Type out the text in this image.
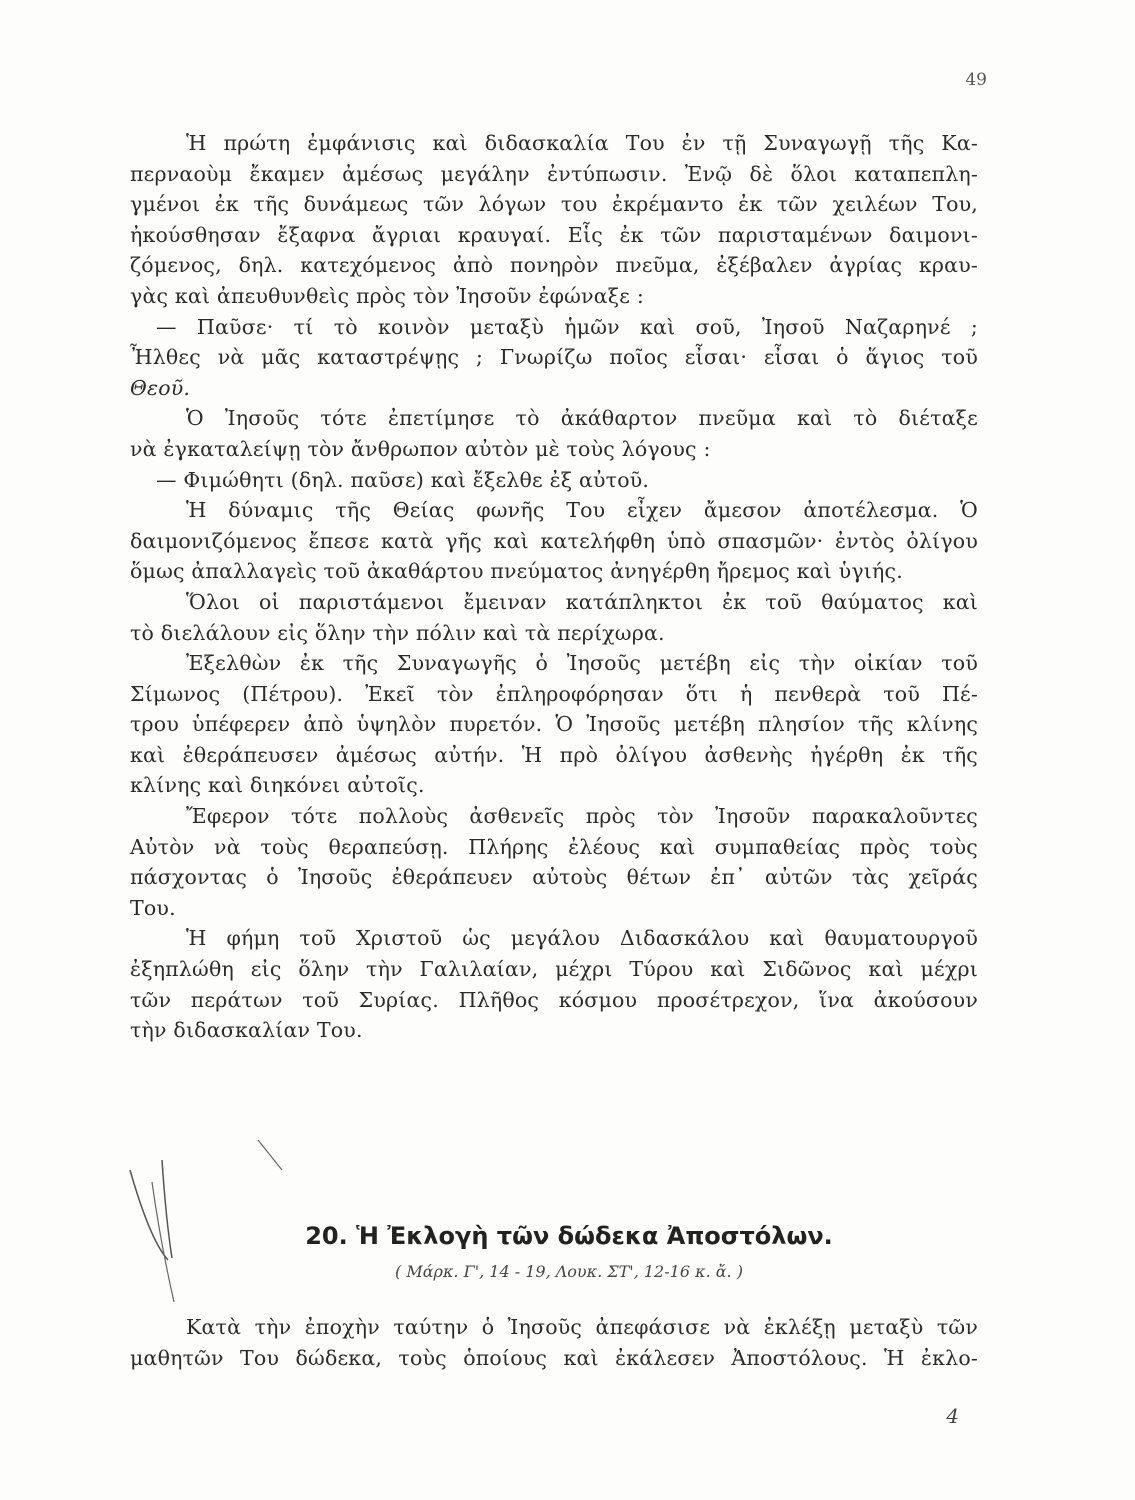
49
Ἡ πρώτη ἐμφάνισις καὶ διδασκαλία Του ἐν τῇ Συναγωγῇ τῆς Κα-
περναοὺμ ἔκαμεν ἀμέσως μεγάλην ἐντύπωσιν. Ἐνῷ δὲ ὅλοι καταπεπλη-
γμένοι ἐκ τῆς δυνάμεως τῶν λόγων του ἐκρέμαντο ἐκ τῶν χειλέων Του,
ἠκούσθησαν ἔξαφνα ἄγριαι κραυγαί. Εἷς ἐκ τῶν παρισταμένων δαιμονι-
ζόμενος, δηλ. κατεχόμενος ἀπὸ πονηρὸν πνεῦμα, ἐξέβαλεν ἀγρίας κραυ-
γὰς καὶ ἀπευθυνθεὶς πρὸς τὸν Ἰησοῦν ἐφώναξε :
— Παῦσε· τί τὸ κοινὸν μεταξὺ ἡμῶν καὶ σοῦ, Ἰησοῦ Ναζαρηνέ ;
Ἦλθες νὰ μᾶς καταστρέψῃς ; Γνωρίζω ποῖος εἶσαι· εἶσαι ὁ ἅγιος τοῦ
Θεοῦ.
Ὁ Ἰησοῦς τότε ἐπετίμησε τὸ ἀκάθαρτον πνεῦμα καὶ τὸ διέταξε
νὰ ἐγκαταλείψῃ τὸν ἄνθρωπον αὐτὸν μὲ τοὺς λόγους :
— Φιμώθητι (δηλ. παῦσε) καὶ ἔξελθε ἐξ αὐτοῦ.
Ἡ δύναμις τῆς Θείας φωνῆς Του εἶχεν ἄμεσον ἀποτέλεσμα. Ὁ
δαιμονιζόμενος ἔπεσε κατὰ γῆς καὶ κατελήφθη ὑπὸ σπασμῶν· ἐντὸς ὀλίγου
ὅμως ἀπαλλαγεὶς τοῦ ἀκαθάρτου πνεύματος ἀνηγέρθη ἤρεμος καὶ ὑγιής.
Ὅλοι οἱ παριστάμενοι ἔμειναν κατάπληκτοι ἐκ τοῦ θαύματος καὶ
τὸ διελάλουν εἰς ὅλην τὴν πόλιν καὶ τὰ περίχωρα.
Ἐξελθὼν ἐκ τῆς Συναγωγῆς ὁ Ἰησοῦς μετέβη εἰς τὴν οἰκίαν τοῦ
Σίμωνος (Πέτρου). Ἐκεῖ τὸν ἐπληροφόρησαν ὅτι ἡ πενθερὰ τοῦ Πέ-
τρου ὑπέφερεν ἀπὸ ὑψηλὸν πυρετόν. Ὁ Ἰησοῦς μετέβη πλησίον τῆς κλίνης
καὶ ἐθεράπευσεν ἀμέσως αὐτήν. Ἡ πρὸ ὀλίγου ἀσθενὴς ἠγέρθη ἐκ τῆς
κλίνης καὶ διηκόνει αὐτοῖς.
Ἔφερον τότε πολλοὺς ἀσθενεῖς πρὸς τὸν Ἰησοῦν παρακαλοῦντες
Αὐτὸν νὰ τοὺς θεραπεύσῃ. Πλήρης ἐλέους καὶ συμπαθείας πρὸς τοὺς
πάσχοντας ὁ Ἰησοῦς ἐθεράπευεν αὐτοὺς θέτων ἐπ᾿ αὐτῶν τὰς χεῖράς
Του.
Ἡ φήμη τοῦ Χριστοῦ ὡς μεγάλου Διδασκάλου καὶ θαυματουργοῦ
ἐξηπλώθη εἰς ὅλην τὴν Γαλιλαίαν, μέχρι Τύρου καὶ Σιδῶνος καὶ μέχρι
τῶν περάτων τοῦ Συρίας. Πλῆθος κόσμου προσέτρεχον, ἵνα ἀκούσουν
τὴν διδασκαλίαν Του.
20. Ἡ Ἐκλογὴ τῶν δώδεκα Ἀποστόλων.
( Μάρκ. Γ', 14 - 19, Λουκ. ΣΤ', 12-16 κ. ἄ. )
Κατὰ τὴν ἐποχὴν ταύτην ὁ Ἰησοῦς ἀπεφάσισε νὰ ἐκλέξῃ μεταξὺ τῶν
μαθητῶν Του δώδεκα, τοὺς ὁποίους καὶ ἐκάλεσεν Ἀποστόλους. Ἡ ἐκλο-
4
